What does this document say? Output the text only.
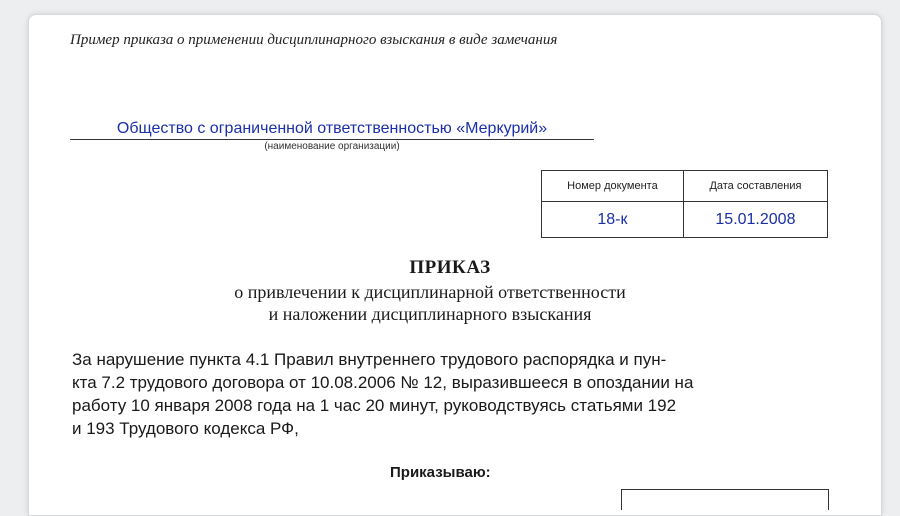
Пример приказа о применении дисциплинарного взыскания в виде замечания
Общество с ограниченной ответственностью «Меркурий»
(наименование организации)
Номер документа	Дата составления
18-к	15.01.2008
ПРИКАЗ
о привлечении к дисциплинарной ответственности
и наложении дисциплинарного взыскания
За нарушение пункта 4.1 Правил внутреннего трудового распорядка и пун-
кта 7.2 трудового договора от 10.08.2006 № 12, выразившееся в опоздании на
работу 10 января 2008 года на 1 час 20 минут, руководствуясь статьями 192
и 193 Трудового кодекса РФ,
Приказываю:
